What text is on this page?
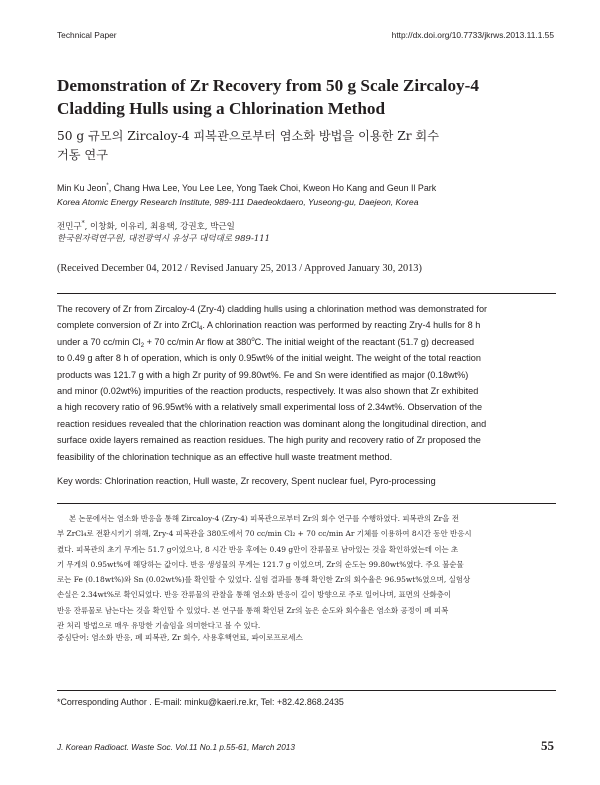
Technical Paper	http://dx.doi.org/10.7733/jkrws.2013.11.1.55
Demonstration of Zr Recovery from 50 g Scale Zircaloy-4
Cladding Hulls using a Chlorination Method
50 g 규모의 Zircaloy-4 피복관으로부터 염소화 방법을 이용한 Zr 회수
거동 연구
Min Ku Jeon*, Chang Hwa Lee, You Lee Lee, Yong Taek Choi, Kweon Ho Kang and Geun Il Park
Korea Atomic Energy Research Institute, 989-111 Daedeokdaero, Yuseong-gu, Daejeon, Korea
전민구*, 이창화, 이유리, 최용택, 강권호, 박근일
한국원자력연구원, 대전광역시 유성구 대덕대로 989-111
(Received December 04, 2012 / Revised January 25, 2013 / Approved January 30, 2013)
The recovery of Zr from Zircaloy-4 (Zry-4) cladding hulls using a chlorination method was demonstrated for
complete conversion of Zr into ZrCl$_4$. A chlorination reaction was performed by reacting Zry-4 hulls for 8 h
under a 70 cc/min $Cl_2 + 70$ cc/min Ar flow at 380$^o$C. The initial weight of the reactant (51.7 g) decreased
to 0.49 g after 8 h of operation, which is only 0.95wt% of the initial weight. The weight of the total reaction
products was 121.7 g with a high Zr purity of 99.80wt%. Fe and Sn were identified as major (0.18wt%)
and minor (0.02wt%) impurities of the reaction products, respectively. It was also shown that Zr exhibited
a high recovery ratio of 96.95wt% with a relatively small experimental loss of 2.34wt%. Observation of the
reaction residues revealed that the chlorination reaction was dominant along the longitudinal direction, and
surface oxide layers remained as reaction residues. The high purity and recovery ratio of Zr proposed the
feasibility of the chlorination technique as an effective hull waste treatment method.
Key words: Chlorination reaction, Hull waste, Zr recovery, Spent nuclear fuel, Pyro-processing
본 논문에서는 염소화 반응을 통해 Zircaloy-4 (Zry-4) 피복관으로부터 Zr의 회수 연구를 수행하였다. 피복관의 Zr을 전
부 ZrCl₄로 전환시키기 위해, Zry-4 피복관을 380도에서 70 cc/min Cl₂ + 70 cc/min Ar 기체를 이용하여 8시간 동안 반응시
켰다. 피복관의 초기 무게는 51.7 g이었으나, 8 시간 반응 후에는 0.49 g만이 잔류물로 남아있는 것을 확인하였는데 이는 초
기 무게의 0.95wt%에 해당하는 값이다. 반응 생성물의 무게는 121.7 g 이었으며, Zr의 순도는 99.80wt%였다. 주요 불순물
로는 Fe (0.18wt%)와 Sn (0.02wt%)를 확인할 수 있었다. 실험 결과를 통해 확인한 Zr의 회수율은 96.95wt%였으며, 실험상
손실은 2.34wt%로 확인되었다. 반응 잔류물의 관찰을 통해 염소화 반응이 길이 방향으로 주로 일어나며, 표면의 산화층이
반응 잔류물로 남는다는 것을 확인할 수 있었다. 본 연구를 통해 확인된 Zr의 높은 순도와 회수율은 염소화 공정이 폐 피복
관 처리 방법으로 매우 유망한 기술임을 의미한다고 볼 수 있다.
중심단어: 염소화 반응, 폐 피복관, Zr 회수, 사용후핵연료, 파이로프로세스
*Corresponding Author . E-mail: minku@kaeri.re.kr, Tel: +82.42.868.2435
J. Korean Radioact. Waste Soc. Vol.11 No.1 p.55-61, March 2013	55
